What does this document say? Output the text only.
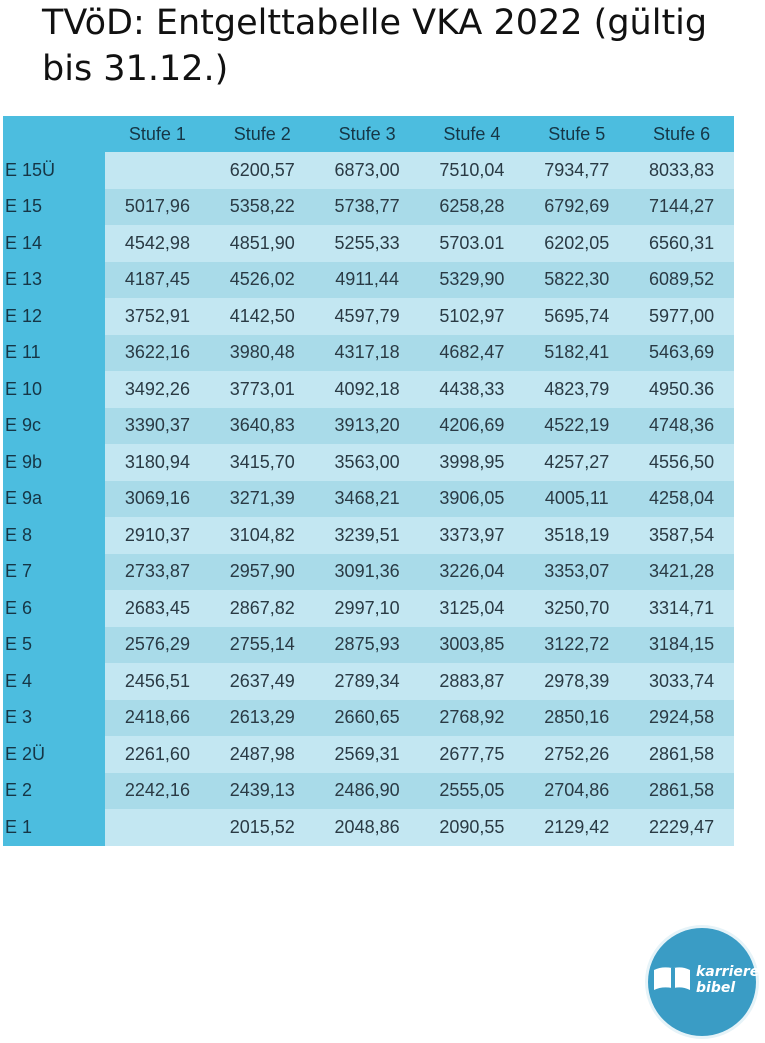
TVöD: Entgelttabelle VKA 2022 (gültig bis 31.12.)
	Stufe 1	Stufe 2	Stufe 3	Stufe 4	Stufe 5	Stufe 6
E 15Ü		6200,57	6873,00	7510,04	7934,77	8033,83
E 15	5017,96	5358,22	5738,77	6258,28	6792,69	7144,27
E 14	4542,98	4851,90	5255,33	5703.01	6202,05	6560,31
E 13	4187,45	4526,02	4911,44	5329,90	5822,30	6089,52
E 12	3752,91	4142,50	4597,79	5102,97	5695,74	5977,00
E 11	3622,16	3980,48	4317,18	4682,47	5182,41	5463,69
E 10	3492,26	3773,01	4092,18	4438,33	4823,79	4950.36
E 9c	3390,37	3640,83	3913,20	4206,69	4522,19	4748,36
E 9b	3180,94	3415,70	3563,00	3998,95	4257,27	4556,50
E 9a	3069,16	3271,39	3468,21	3906,05	4005,11	4258,04
E 8	2910,37	3104,82	3239,51	3373,97	3518,19	3587,54
E 7	2733,87	2957,90	3091,36	3226,04	3353,07	3421,28
E 6	2683,45	2867,82	2997,10	3125,04	3250,70	3314,71
E 5	2576,29	2755,14	2875,93	3003,85	3122,72	3184,15
E 4	2456,51	2637,49	2789,34	2883,87	2978,39	3033,74
E 3	2418,66	2613,29	2660,65	2768,92	2850,16	2924,58
E 2Ü	2261,60	2487,98	2569,31	2677,75	2752,26	2861,58
E 2	2242,16	2439,13	2486,90	2555,05	2704,86	2861,58
E 1		2015,52	2048,86	2090,55	2129,42	2229,47
karriere
bibel
